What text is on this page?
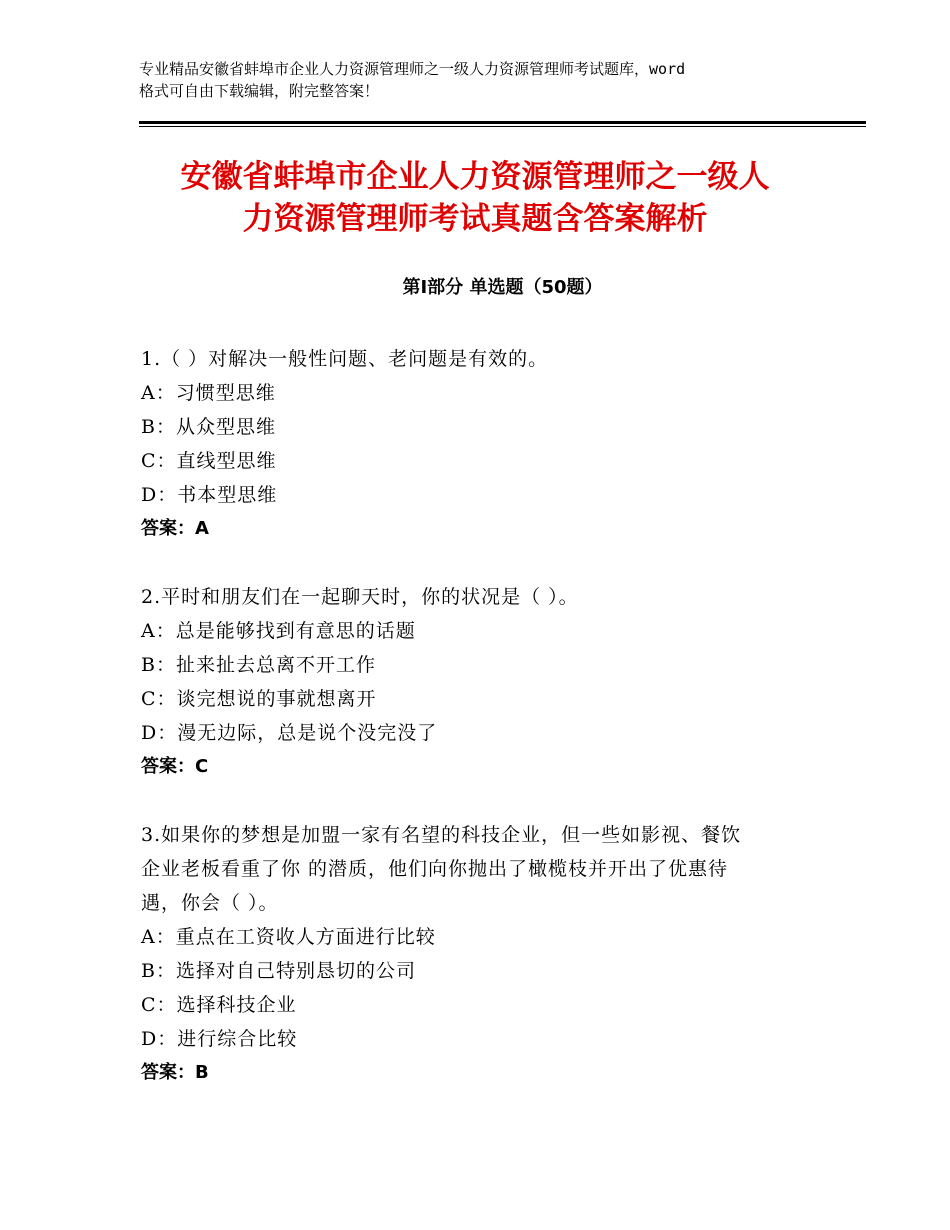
专业精品安徽省蚌埠市企业人力资源管理师之一级人力资源管理师考试题库，word

格式可自由下载编辑，附完整答案！

安徽省蚌埠市企业人力资源管理师之一级人
力资源管理师考试真题含答案解析
第Ⅰ部分 单选题（50题）

1.（ ）对解决一般性问题、老问题是有效的。

A：习惯型思维

B：从众型思维

C：直线型思维

D：书本型思维

答案：A

2.平时和朋友们在一起聊天时，你的状况是（ ）。

A：总是能够找到有意思的话题

B：扯来扯去总离不开工作

C：谈完想说的事就想离开

D：漫无边际，总是说个没完没了

答案：C

3.如果你的梦想是加盟一家有名望的科技企业，但一些如影视、餐饮

企业老板看重了你 的潜质，他们向你抛出了橄榄枝并开出了优惠待

遇，你会（ ）。

A：重点在工资收人方面进行比较

B：选择对自己特别恳切的公司

C：选择科技企业

D：进行综合比较

答案：B
